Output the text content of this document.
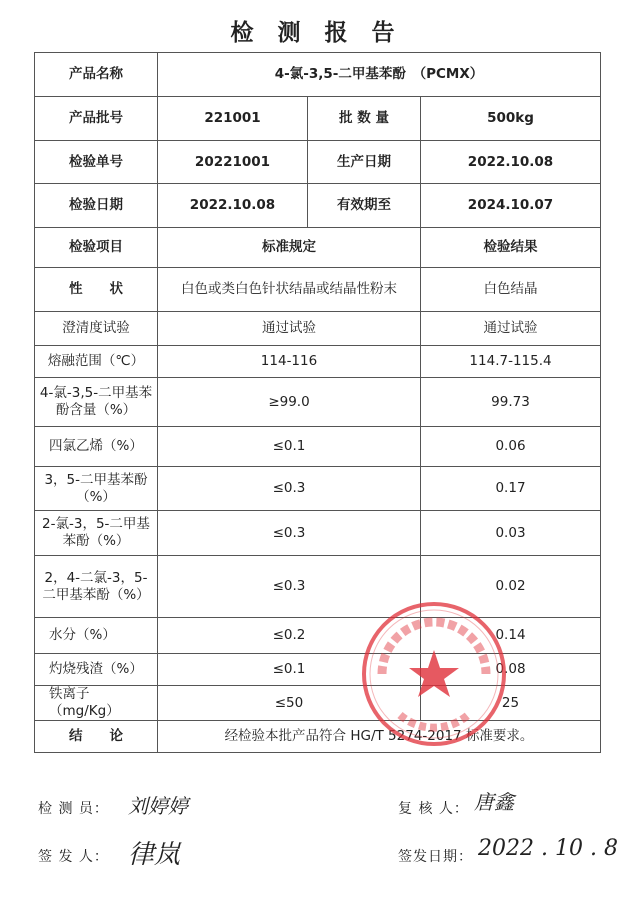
检 测 报 告
产品名称	4-氯-3,5-二甲基苯酚　（PCMX）		
产品批号	221001	批 数 量	500kg
检验单号	20221001	生产日期	2022.10.08
检验日期	2022.10.08	有效期至	2024.10.07
检验项目	标准规定		检验结果
性　　状	白色或类白色针状结晶或结晶性粉末		白色结晶
澄清度试验	通过试验		通过试验
熔融范围（℃）	114-116		114.7-115.4
4-氯-3,5-二甲基苯酚含量（%）	≥99.0		99.73
四氯乙烯（%）	≤0.1		0.06
3，5-二甲基苯酚（%）	≤0.3		0.17
2-氯-3，5-二甲基苯酚（%）	≤0.3		0.03
2，4-二氯-3，5-二甲基苯酚（%）	≤0.3		0.02
水分（%）	≤0.2		0.14
灼烧残渣（%）	≤0.1		0.08
铁离子（mg/Kg）	≤50		25
结　　论	经检验本批产品符合 HG/T 5274-2017 标准要求。		
检 测 员： 刘婷婷	复 核 人： 唐鑫
签 发 人： 律岚	签发日期： 2022 . 10 . 8
